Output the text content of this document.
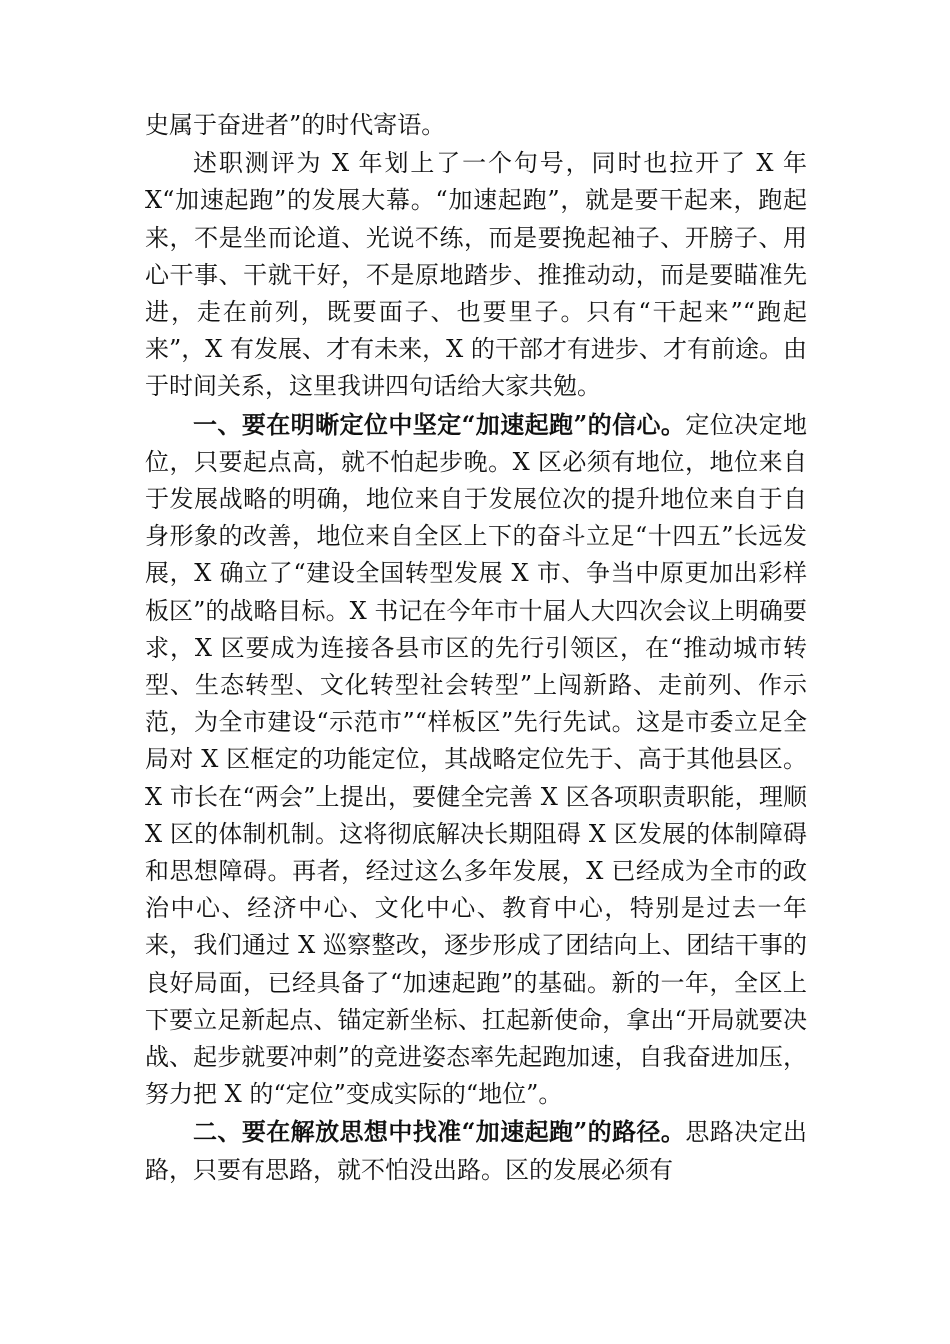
史属于奋进者”的时代寄语。

述职测评为 X 年划上了一个句号，同时也拉开了 X 年 X“加速起跑”的发展大幕。“加速起跑”，就是要干起来，跑起来，不是坐而论道、光说不练，而是要挽起袖子、开膀子、用心干事、干就干好，不是原地踏步、推推动动，而是要瞄准先进，走在前列，既要面子、也要里子。只有“干起来”“跑起来”，X 有发展、才有未来，X 的干部才有进步、才有前途。由于时间关系，这里我讲四句话给大家共勉。

一、要在明晰定位中坚定“加速起跑”的信心。定位决定地位，只要起点高，就不怕起步晚。X 区必须有地位，地位来自于发展战略的明确，地位来自于发展位次的提升地位来自于自身形象的改善，地位来自全区上下的奋斗立足“十四五”长远发展，X 确立了“建设全国转型发展 X 市、争当中原更加出彩样板区”的战略目标。X 书记在今年市十届人大四次会议上明确要求，X 区要成为连接各县市区的先行引领区，在“推动城市转型、生态转型、文化转型社会转型”上闯新路、走前列、作示范，为全市建设“示范市”“样板区”先行先试。这是市委立足全局对 X 区框定的功能定位，其战略定位先于、高于其他县区。X 市长在“两会”上提出，要健全完善 X 区各项职责职能，理顺 X 区的体制机制。这将彻底解决长期阻碍 X 区发展的体制障碍和思想障碍。再者，经过这么多年发展，X 已经成为全市的政治中心、经济中心、文化中心、教育中心，特别是过去一年来，我们通过 X 巡察整改，逐步形成了团结向上、团结干事的良好局面，已经具备了“加速起跑”的基础。新的一年，全区上下要立足新起点、锚定新坐标、扛起新使命，拿出“开局就要决战、起步就要冲刺”的竞进姿态率先起跑加速，自我奋进加压，努力把 X 的“定位”变成实际的“地位”。

二、要在解放思想中找准“加速起跑”的路径。思路决定出路，只要有思路，就不怕没出路。区的发展必须有
